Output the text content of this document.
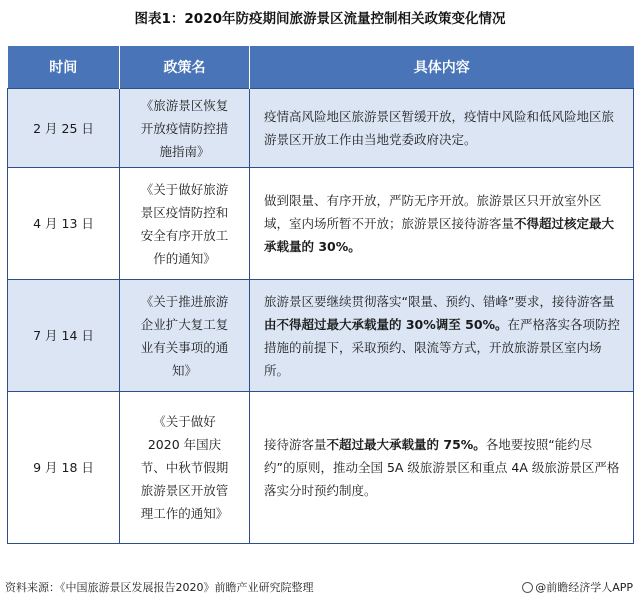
图表1：2020年防疫期间旅游景区流量控制相关政策变化情况
时间	政策名	具体内容
2 月 25 日	《旅游景区恢复
开放疫情防控措
施指南》	疫情高风险地区旅游景区暂缓开放，疫情中风险和低风险地区旅游景区开放工作由当地党委政府决定。
4 月 13 日	《关于做好旅游
景区疫情防控和
安全有序开放工
作的通知》	做到限量、有序开放，严防无序开放。旅游景区只开放室外区域，室内场所暂不开放；旅游景区接待游客量不得超过核定最大承载量的 30%。
7 月 14 日	《关于推进旅游
企业扩大复工复
业有关事项的通
知》	旅游景区要继续贯彻落实“限量、预约、错峰”要求，接待游客量由不得超过最大承载量的 30%调至 50%。在严格落实各项防控措施的前提下，采取预约、限流等方式，开放旅游景区室内场所。
9 月 18 日	《关于做好
2020 年国庆
节、中秋节假期
旅游景区开放管
理工作的通知》	接待游客量不超过最大承载量的 75%。各地要按照“能约尽约”的原则，推动全国 5A 级旅游景区和重点 4A 级旅游景区严格落实分时预约制度。
资料来源：《中国旅游景区发展报告2020》前瞻产业研究院整理	@前瞻经济学人APP
